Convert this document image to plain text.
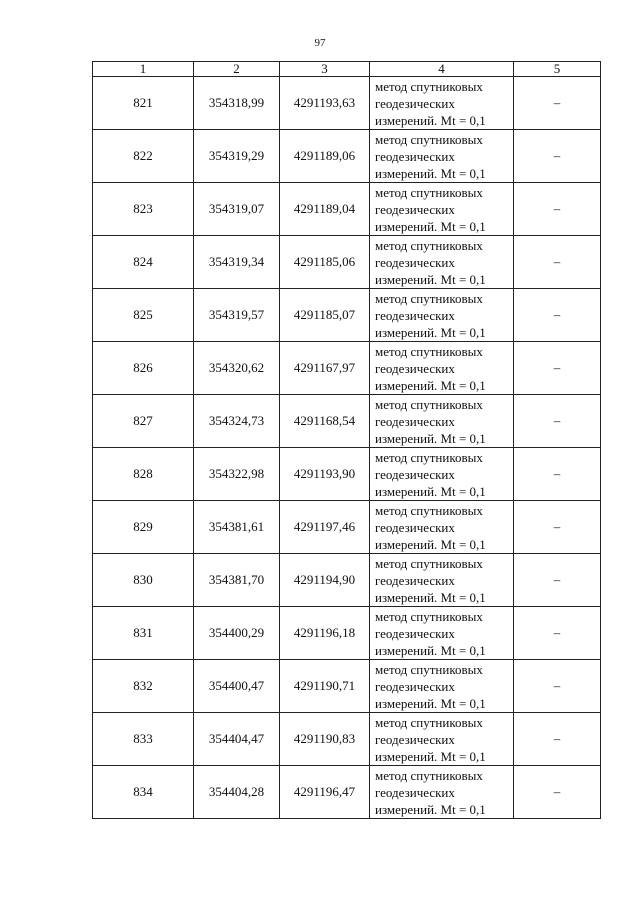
97
1	2	3	4	5
821	354318,99	4291193,63	метод спутниковых
геодезических
измерений. Mt = 0,1	–
822	354319,29	4291189,06	метод спутниковых
геодезических
измерений. Mt = 0,1	–
823	354319,07	4291189,04	метод спутниковых
геодезических
измерений. Mt = 0,1	–
824	354319,34	4291185,06	метод спутниковых
геодезических
измерений. Mt = 0,1	–
825	354319,57	4291185,07	метод спутниковых
геодезических
измерений. Mt = 0,1	–
826	354320,62	4291167,97	метод спутниковых
геодезических
измерений. Mt = 0,1	–
827	354324,73	4291168,54	метод спутниковых
геодезических
измерений. Mt = 0,1	–
828	354322,98	4291193,90	метод спутниковых
геодезических
измерений. Mt = 0,1	–
829	354381,61	4291197,46	метод спутниковых
геодезических
измерений. Mt = 0,1	–
830	354381,70	4291194,90	метод спутниковых
геодезических
измерений. Mt = 0,1	–
831	354400,29	4291196,18	метод спутниковых
геодезических
измерений. Mt = 0,1	–
832	354400,47	4291190,71	метод спутниковых
геодезических
измерений. Mt = 0,1	–
833	354404,47	4291190,83	метод спутниковых
геодезических
измерений. Mt = 0,1	–
834	354404,28	4291196,47	метод спутниковых
геодезических
измерений. Mt = 0,1	–
